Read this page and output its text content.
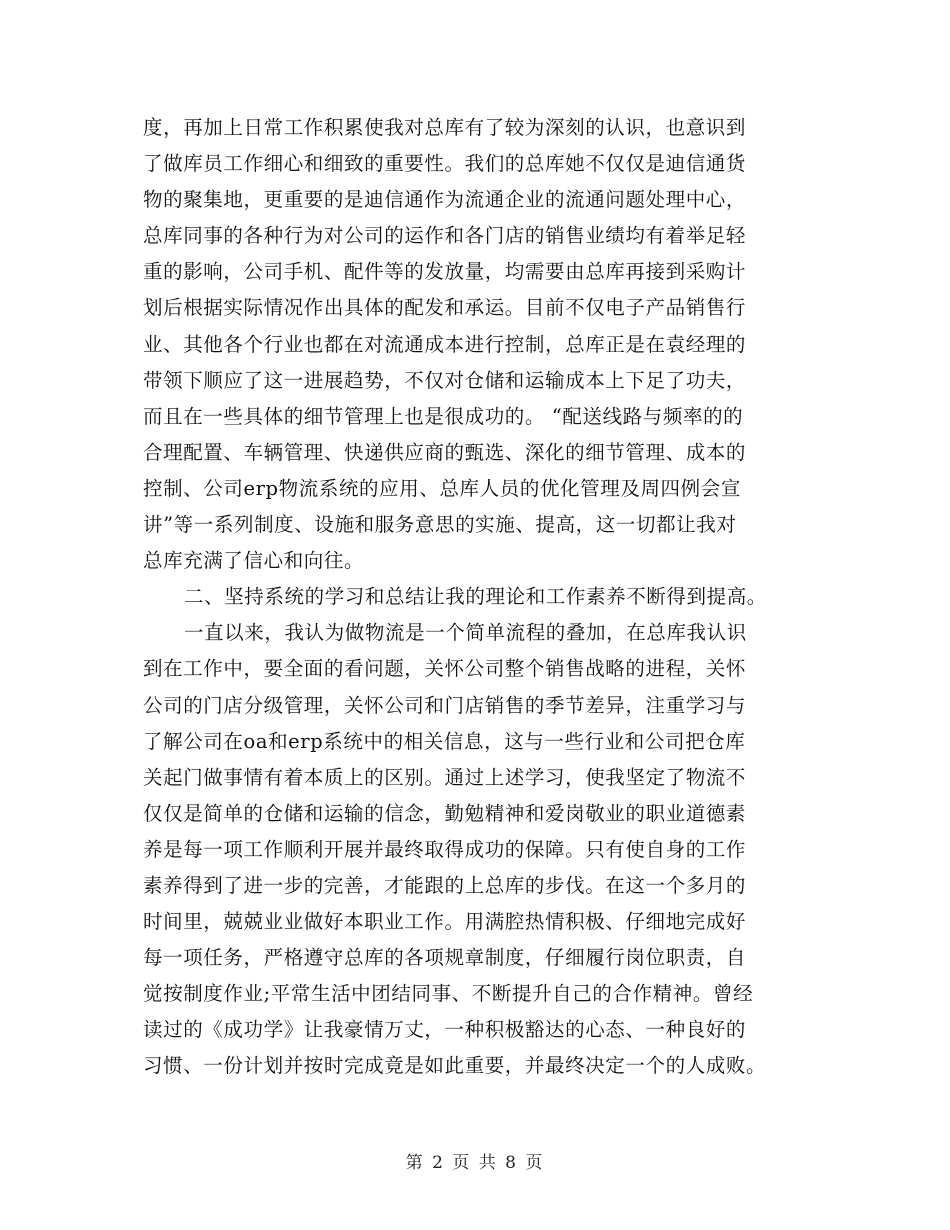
度，再加上日常工作积累使我对总库有了较为深刻的认识，也意识到
了做库员工作细心和细致的重要性。我们的总库她不仅仅是迪信通货
物的聚集地，更重要的是迪信通作为流通企业的流通问题处理中心，
总库同事的各种行为对公司的运作和各门店的销售业绩均有着举足轻
重的影响，公司手机、配件等的发放量，均需要由总库再接到采购计
划后根据实际情况作出具体的配发和承运。目前不仅电子产品销售行
业、其他各个行业也都在对流通成本进行控制，总库正是在袁经理的
带领下顺应了这一进展趋势，不仅对仓储和运输成本上下足了功夫，
而且在一些具体的细节管理上也是很成功的。 “配送线路与频率的的
合理配置、车辆管理、快递供应商的甄选、深化的细节管理、成本的
控制、公司erp物流系统的应用、总库人员的优化管理及周四例会宣
讲”等一系列制度、设施和服务意思的实施、提高，这一切都让我对
总库充满了信心和向往。
二、坚持系统的学习和总结让我的理论和工作素养不断得到提高。
一直以来，我认为做物流是一个简单流程的叠加，在总库我认识
到在工作中，要全面的看问题，关怀公司整个销售战略的进程，关怀
公司的门店分级管理，关怀公司和门店销售的季节差异，注重学习与
了解公司在oa和erp系统中的相关信息，这与一些行业和公司把仓库
关起门做事情有着本质上的区别。通过上述学习，使我坚定了物流不
仅仅是简单的仓储和运输的信念，勤勉精神和爱岗敬业的职业道德素
养是每一项工作顺利开展并最终取得成功的保障。只有使自身的工作
素养得到了进一步的完善，才能跟的上总库的步伐。在这一个多月的
时间里，兢兢业业做好本职业工作。用满腔热情积极、仔细地完成好
每一项任务，严格遵守总库的各项规章制度，仔细履行岗位职责，自
觉按制度作业;平常生活中团结同事、不断提升自己的合作精神。曾经
读过的《成功学》让我豪情万丈，一种积极豁达的心态、一种良好的
习惯、一份计划并按时完成竟是如此重要，并最终决定一个的人成败。
第 2 页 共 8 页
